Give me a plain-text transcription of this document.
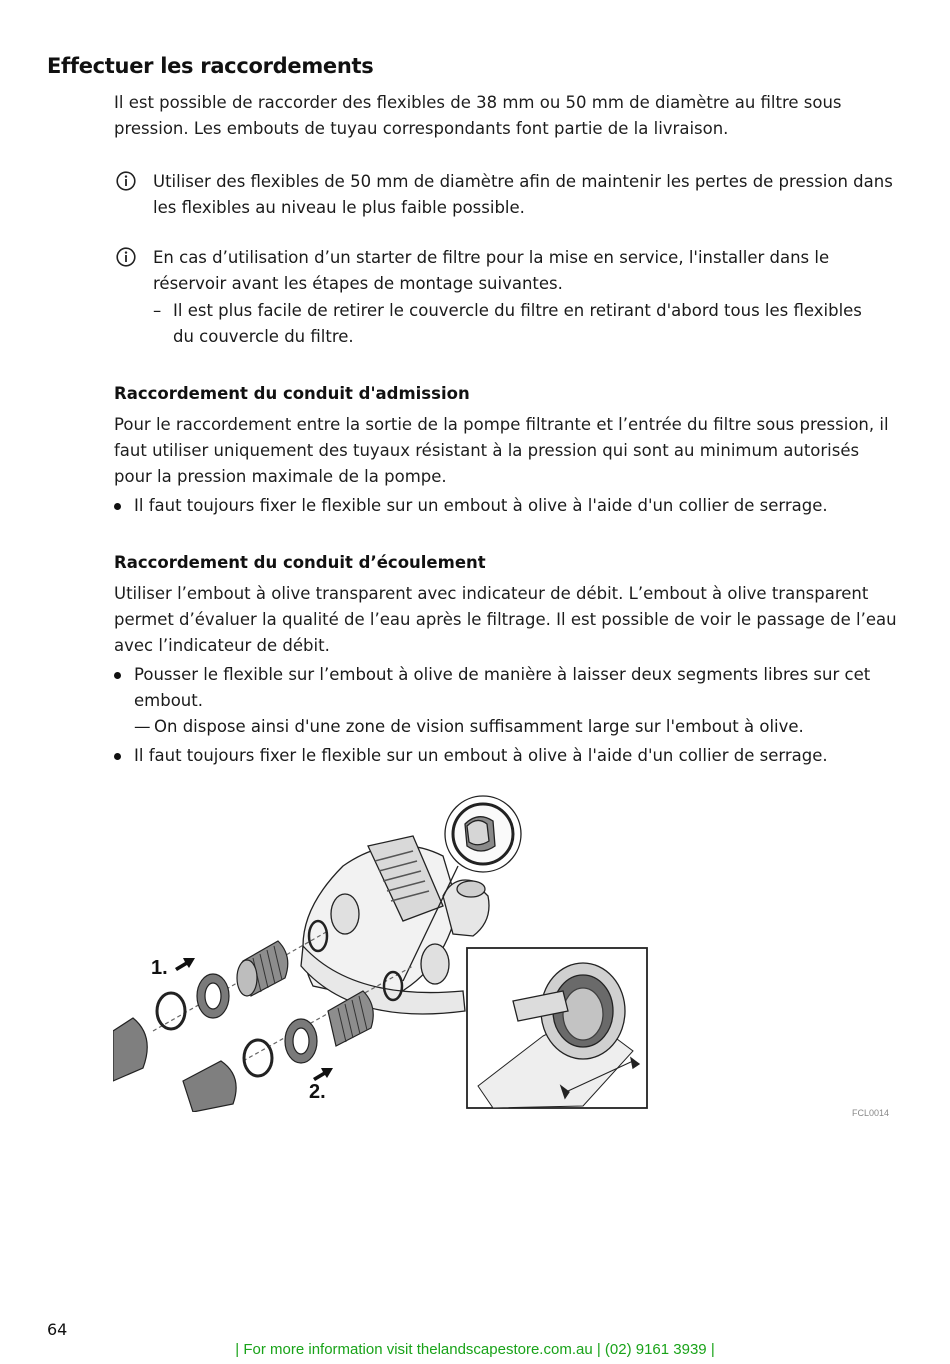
Effectuer les raccordements
Il est possible de raccorder des flexibles de 38 mm ou 50 mm de diamètre au filtre sous pression. Les embouts de tuyau correspondants font partie de la livraison.
Utiliser des flexibles de 50 mm de diamètre afin de maintenir les pertes de pression dans les flexibles au niveau le plus faible possible.
En cas d’utilisation d’un starter de filtre pour la mise en service, l'installer dans le réservoir avant les étapes de montage suivantes.
– Il est plus facile de retirer le couvercle du filtre en retirant d'abord tous les flexibles du couvercle du filtre.
Raccordement du conduit d'admission
Pour le raccordement entre la sortie de la pompe filtrante et l’entrée du filtre sous pression, il faut utiliser uniquement des tuyaux résistant à la pression qui sont au minimum autorisés pour la pression maximale de la pompe.
Il faut toujours fixer le flexible sur un embout à olive à l'aide d'un collier de serrage.
Raccordement du conduit d’écoulement
Utiliser l’embout à olive transparent avec indicateur de débit. L’embout à olive transparent permet d’évaluer la qualité de l’eau après le filtrage. Il est possible de voir le passage de l’eau avec l’indicateur de débit.
Pousser le flexible sur l’embout à olive de manière à laisser deux segments libres sur cet embout.
— On dispose ainsi d'une zone de vision suffisamment large sur l'embout à olive.
Il faut toujours fixer le flexible sur un embout à olive à l'aide d'un collier de serrage.
1.
2.
FCL0014
64
| For more information visit thelandscapestore.com.au | (02) 9161 3939 |
